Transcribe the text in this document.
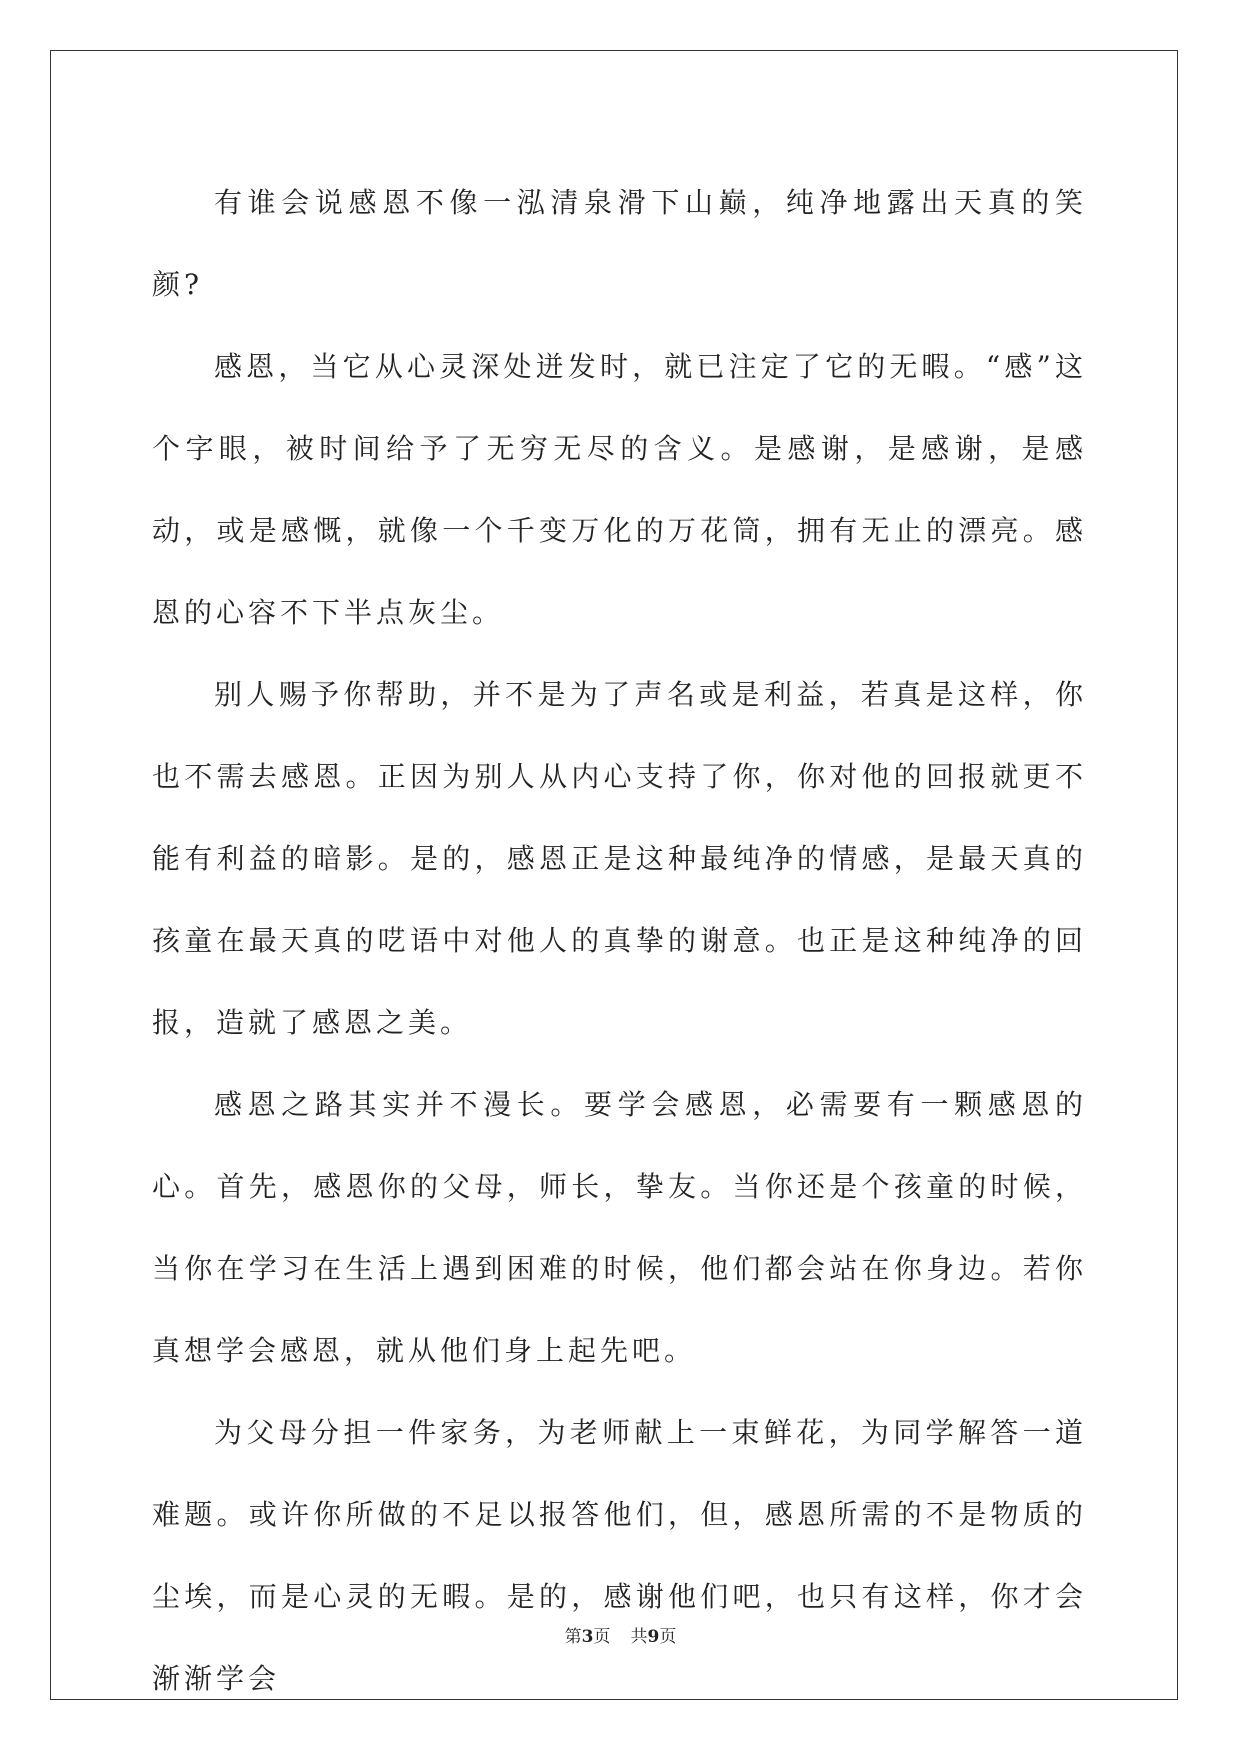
有谁会说感恩不像一泓清泉滑下山巅，纯净地露出天真的笑颜?

感恩，当它从心灵深处迸发时，就已注定了它的无暇。“感”这个字眼，被时间给予了无穷无尽的含义。是感谢，是感谢，是感动，或是感慨，就像一个千变万化的万花筒，拥有无止的漂亮。感恩的心容不下半点灰尘。

别人赐予你帮助，并不是为了声名或是利益，若真是这样，你也不需去感恩。正因为别人从内心支持了你，你对他的回报就更不能有利益的暗影。是的，感恩正是这种最纯净的情感，是最天真的孩童在最天真的呓语中对他人的真挚的谢意。也正是这种纯净的回报，造就了感恩之美。

感恩之路其实并不漫长。要学会感恩，必需要有一颗感恩的心。首先，感恩你的父母，师长，挚友。当你还是个孩童的时候，当你在学习在生活上遇到困难的时候，他们都会站在你身边。若你真想学会感恩，就从他们身上起先吧。

为父母分担一件家务，为老师献上一束鲜花，为同学解答一道难题。或许你所做的不足以报答他们，但，感恩所需的不是物质的尘埃，而是心灵的无暇。是的，感谢他们吧，也只有这样，你才会渐渐学会

第3页 共9页
